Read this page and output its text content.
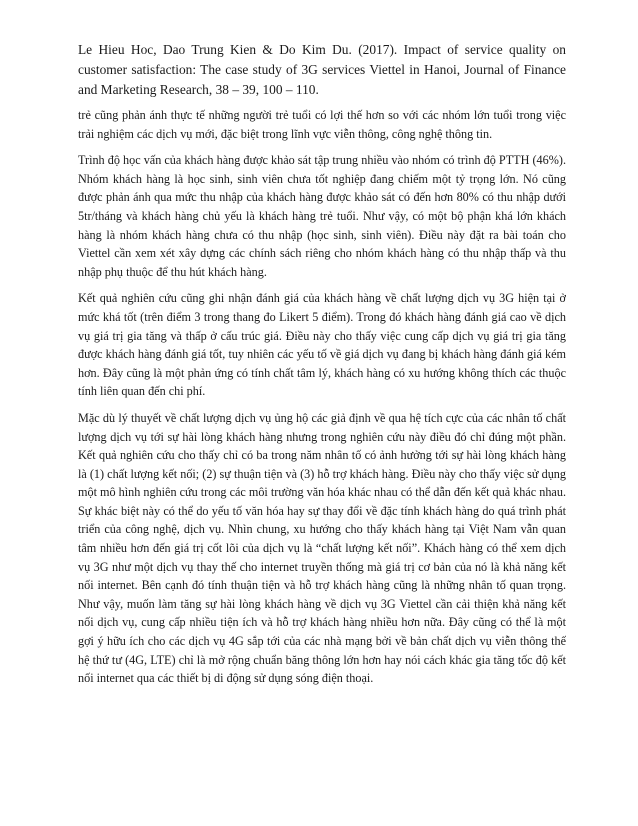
Le Hieu Hoc, Dao Trung Kien & Do Kim Du. (2017). Impact of service quality on customer satisfaction: The case study of 3G services Viettel in Hanoi, Journal of Finance and Marketing Research, 38 – 39, 100 – 110.

trẻ cũng phản ánh thực tế những người trẻ tuổi có lợi thế hơn so với các nhóm lớn tuổi trong việc trải nghiệm các dịch vụ mới, đặc biệt trong lĩnh vực viễn thông, công nghệ thông tin.

Trình độ học vấn của khách hàng được khảo sát tập trung nhiều vào nhóm có trình độ PTTH (46%). Nhóm khách hàng là học sinh, sinh viên chưa tốt nghiệp đang chiếm một tỷ trọng lớn. Nó cũng được phản ánh qua mức thu nhập của khách hàng được khảo sát có đến hơn 80% có thu nhập dưới 5tr/tháng và khách hàng chủ yếu là khách hàng trẻ tuổi. Như vậy, có một bộ phận khá lớn khách hàng là nhóm khách hàng chưa có thu nhập (học sinh, sinh viên). Điều này đặt ra bài toán cho Viettel cần xem xét xây dựng các chính sách riêng cho nhóm khách hàng có thu nhập thấp và thu nhập phụ thuộc để thu hút khách hàng.

Kết quả nghiên cứu cũng ghi nhận đánh giá của khách hàng về chất lượng dịch vụ 3G hiện tại ở mức khá tốt (trên điểm 3 trong thang đo Likert 5 điểm). Trong đó khách hàng đánh giá cao về dịch vụ giá trị gia tăng và thấp ở cấu trúc giá. Điều này cho thấy việc cung cấp dịch vụ giá trị gia tăng được khách hàng đánh giá tốt, tuy nhiên các yếu tố về giá dịch vụ đang bị khách hàng đánh giá kém hơn. Đây cũng là một phản ứng có tính chất tâm lý, khách hàng có xu hướng không thích các thuộc tính liên quan đến chi phí.

Mặc dù lý thuyết về chất lượng dịch vụ ủng hộ các giả định về qua hệ tích cực của các nhân tố chất lượng dịch vụ tới sự hài lòng khách hàng nhưng trong nghiên cứu này điều đó chỉ đúng một phần. Kết quả nghiên cứu cho thấy chỉ có ba trong năm nhân tố có ảnh hưởng tới sự hài lòng khách hàng là (1) chất lượng kết nối; (2) sự thuận tiện và (3) hỗ trợ khách hàng. Điều này cho thấy việc sử dụng một mô hình nghiên cứu trong các môi trường văn hóa khác nhau có thể dẫn đến kết quả khác nhau. Sự khác biệt này có thể do yếu tố văn hóa hay sự thay đổi về đặc tính khách hàng do quá trình phát triển của công nghệ, dịch vụ. Nhìn chung, xu hướng cho thấy khách hàng tại Việt Nam vẫn quan tâm nhiều hơn đến giá trị cốt lõi của dịch vụ là “chất lượng kết nối”. Khách hàng có thể xem dịch vụ 3G như một dịch vụ thay thế cho internet truyền thống mà giá trị cơ bản của nó là khả năng kết nối internet. Bên cạnh đó tính thuận tiện và hỗ trợ khách hàng cũng là những nhân tố quan trọng. Như vậy, muốn làm tăng sự hài lòng khách hàng về dịch vụ 3G Viettel cần cải thiện khả năng kết nối dịch vụ, cung cấp nhiều tiện ích và hỗ trợ khách hàng nhiều hơn nữa. Đây cũng có thể là một gợi ý hữu ích cho các dịch vụ 4G sắp tới của các nhà mạng bởi về bản chất dịch vụ viễn thông thế hệ thứ tư (4G, LTE) chỉ là mở rộng chuẩn băng thông lớn hơn hay nói cách khác gia tăng tốc độ kết nối internet qua các thiết bị di động sử dụng sóng điện thoại.
